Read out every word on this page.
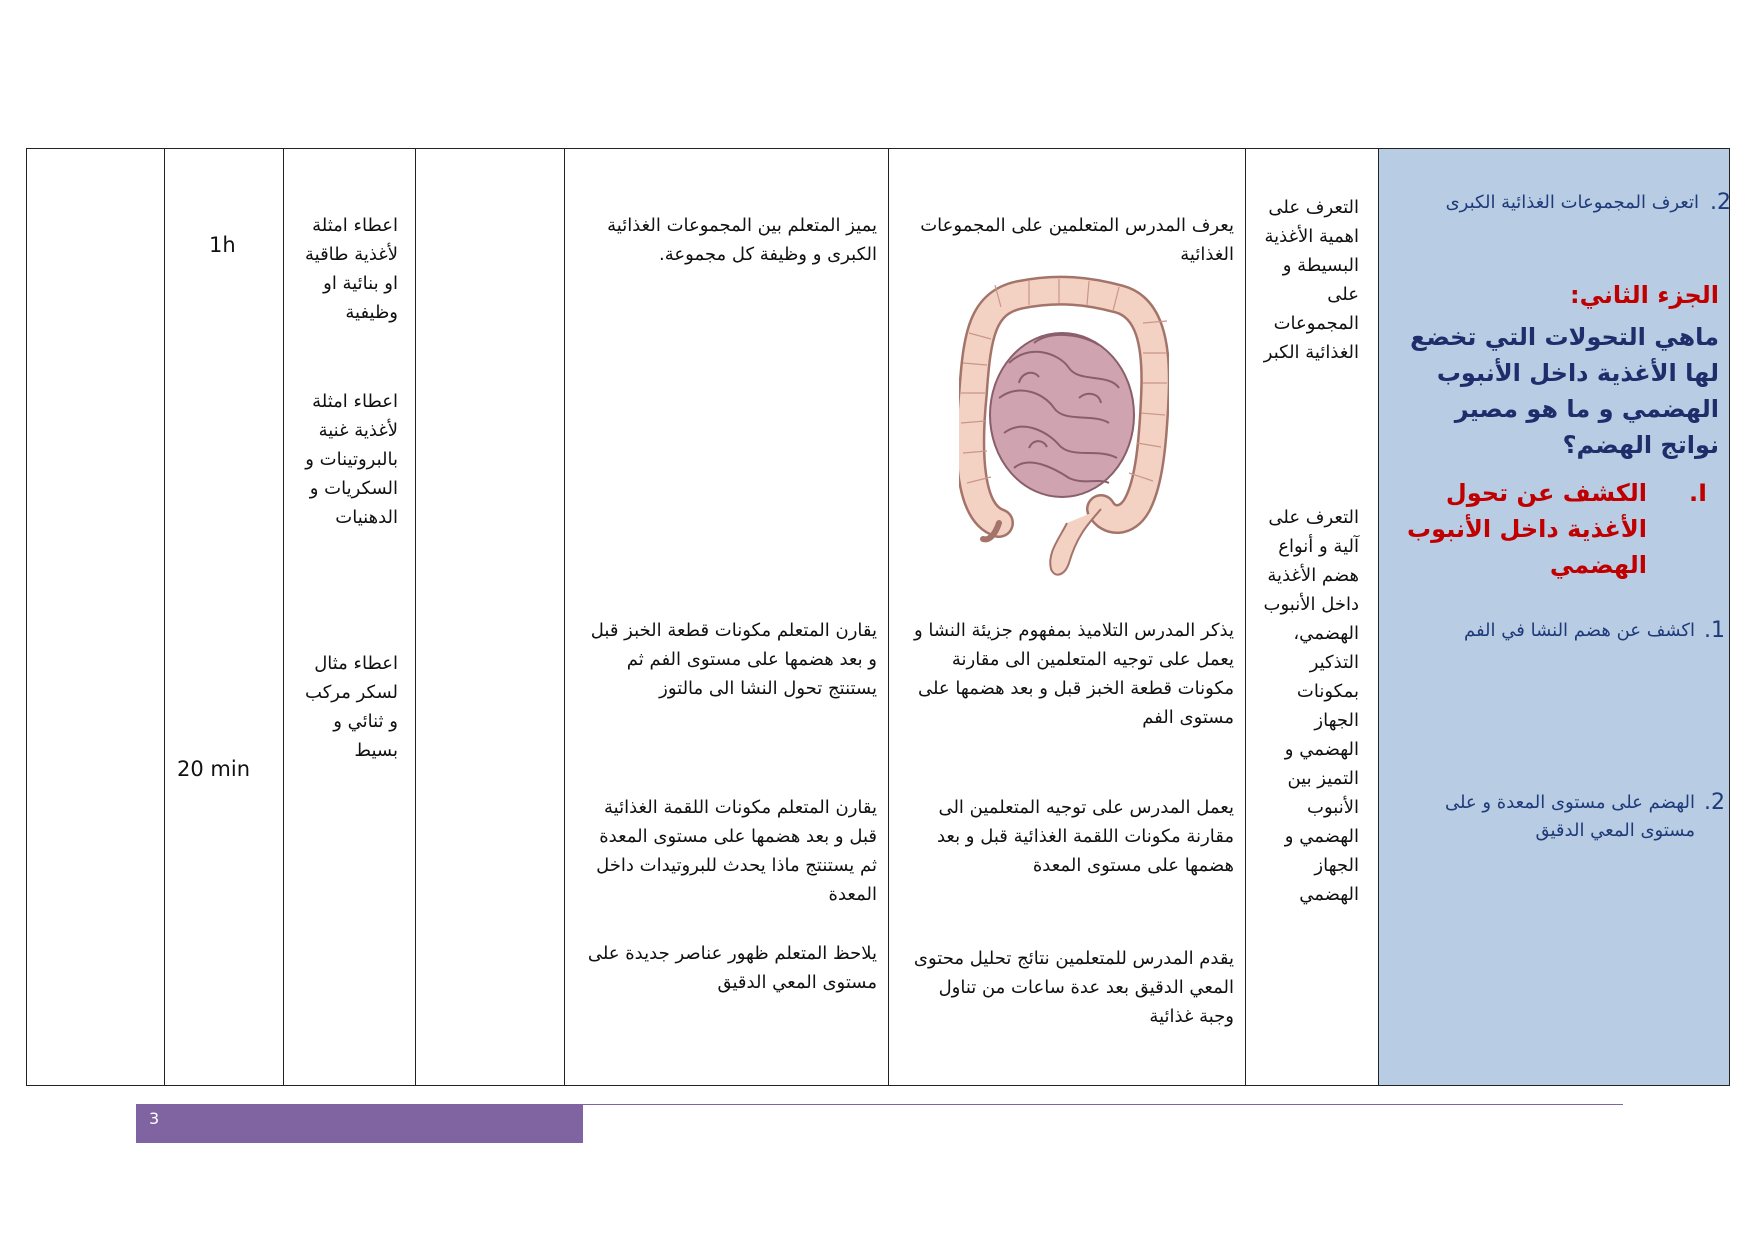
1h
20 min
اعطاء امثلة لأغذية طاقية او بنائية او وظيفية
اعطاء امثلة لأغذية غنية بالبروتينات و السكريات و الدهنيات
اعطاء مثال لسكر مركب و ثنائي و بسيط
يميز المتعلم بين المجموعات الغذائية الكبرى و وظيفة كل مجموعة.
يقارن المتعلم مكونات قطعة الخبز قبل و بعد هضمها على مستوى الفم ثم يستنتج تحول النشا الى مالتوز
يقارن المتعلم مكونات اللقمة الغذائية قبل و بعد هضمها على مستوى المعدة ثم يستنتج ماذا يحدث للبروتيدات داخل المعدة
يلاحظ المتعلم ظهور عناصر جديدة على مستوى المعي الدقيق
يعرف المدرس المتعلمين على المجموعات الغذائية
يذكر المدرس التلاميذ بمفهوم جزيئة النشا و يعمل على توجيه المتعلمين الى مقارنة مكونات قطعة الخبز قبل و بعد هضمها على مستوى الفم
يعمل المدرس على توجيه المتعلمين الى مقارنة مكونات اللقمة الغذائية قبل و بعد هضمها على مستوى المعدة
يقدم المدرس للمتعلمين نتائج تحليل محتوى المعي الدقيق بعد عدة ساعات من تناول وجبة غذائية
التعرف على اهمية الأغذية البسيطة و على المجموعات الغذائية الكبر
التعرف على آلية و أنواع هضم الأغذية داخل الأنبوب الهضمي، التذكير بمكونات الجهاز الهضمي و التميز بين الأنبوب الهضمي و الجهاز الهضمي
2.
اتعرف المجموعات الغذائية الكبرى
الجزء الثاني:
ماهي التحولات التي تخضع لها الأغذية داخل الأنبوب الهضمي و ما هو مصير نواتج الهضم؟
I.
الكشف عن تحول الأغذية داخل الأنبوب الهضمي
1.
اكشف عن هضم النشا في الفم
2.
الهضم على مستوى المعدة و على مستوى المعي الدقيق
3
